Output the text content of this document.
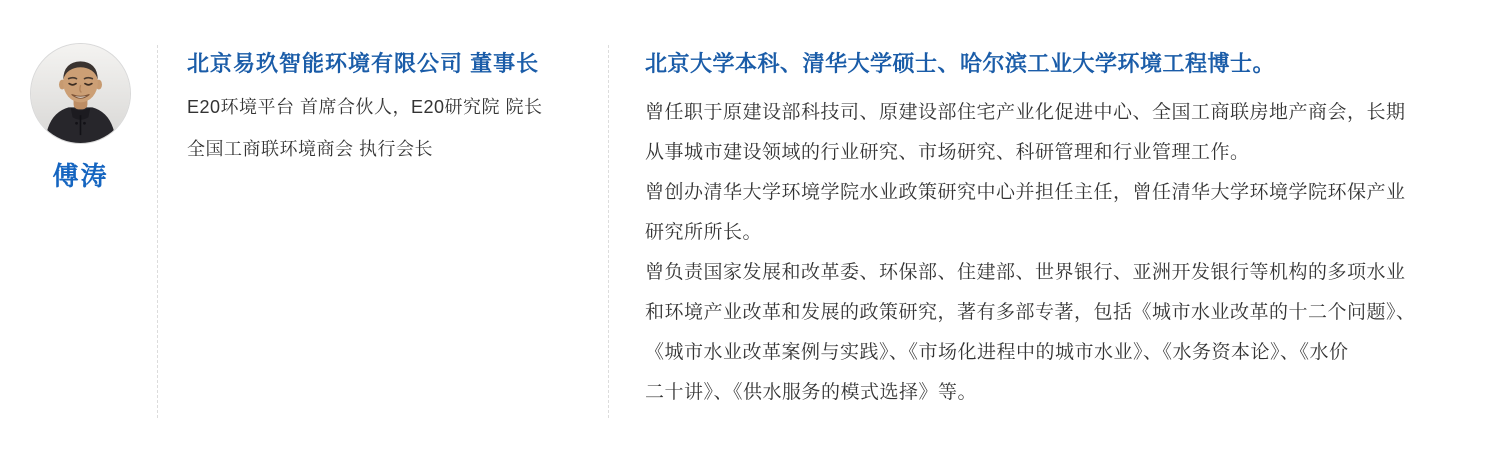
傅涛
北京易玖智能环境有限公司 董事长
E20环境平台 首席合伙人，E20研究院 院长
全国工商联环境商会 执行会长
北京大学本科、清华大学硕士、哈尔滨工业大学环境工程博士。
曾任职于原建设部科技司、原建设部住宅产业化促进中心、全国工商联房地产商会，长期
从事城市建设领域的行业研究、市场研究、科研管理和行业管理工作。
曾创办清华大学环境学院水业政策研究中心并担任主任，曾任清华大学环境学院环保产业
研究所所长。
曾负责国家发展和改革委、环保部、住建部、世界银行、亚洲开发银行等机构的多项水业
和环境产业改革和发展的政策研究，著有多部专著，包括《城市水业改革的十二个问题》、
《城市水业改革案例与实践》、《市场化进程中的城市水业》、《水务资本论》、《水价
二十讲》、《供水服务的模式选择》等。
